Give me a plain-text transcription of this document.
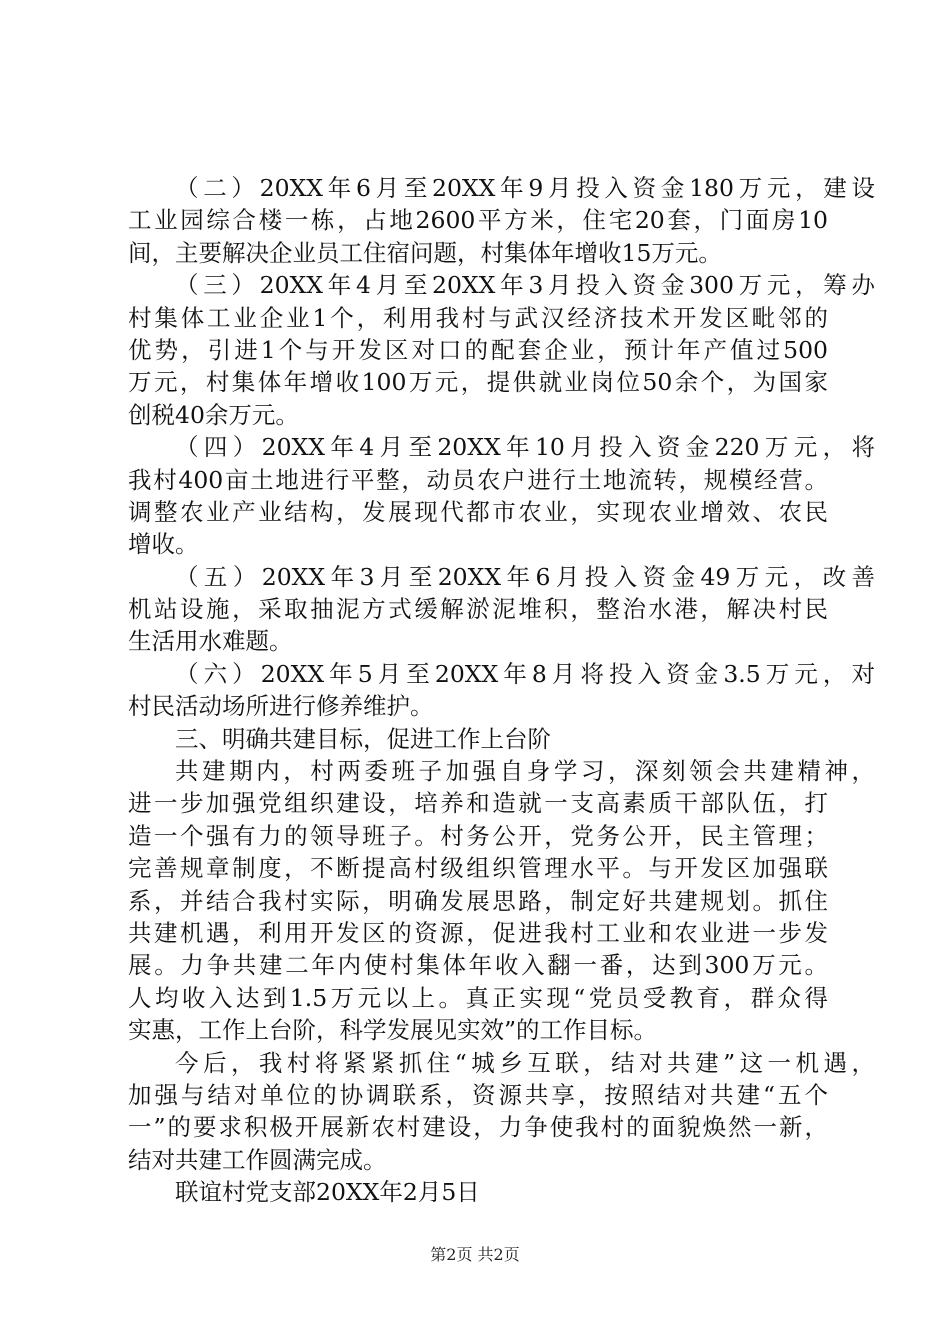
（二）20XX年6月至20XX年9月投入资金180万元，建设
工业园综合楼一栋，占地2600平方米，住宅20套，门面房10
间，主要解决企业员工住宿问题，村集体年增收15万元。
（三）20XX年4月至20XX年3月投入资金300万元，筹办
村集体工业企业1个，利用我村与武汉经济技术开发区毗邻的
优势，引进1个与开发区对口的配套企业，预计年产值过500
万元，村集体年增收100万元，提供就业岗位50余个，为国家
创税40余万元。
（四）20XX年4月至20XX年10月投入资金220万元，将
我村400亩土地进行平整，动员农户进行土地流转，规模经营。
调整农业产业结构，发展现代都市农业，实现农业增效、农民
增收。
（五）20XX年3月至20XX年6月投入资金49万元，改善
机站设施，采取抽泥方式缓解淤泥堆积，整治水港，解决村民
生活用水难题。
（六）20XX年5月至20XX年8月将投入资金3.5万元，对
村民活动场所进行修养维护。
三、明确共建目标，促进工作上台阶
共建期内，村两委班子加强自身学习，深刻领会共建精神，
进一步加强党组织建设，培养和造就一支高素质干部队伍，打
造一个强有力的领导班子。村务公开，党务公开，民主管理；
完善规章制度，不断提高村级组织管理水平。与开发区加强联
系，并结合我村实际，明确发展思路，制定好共建规划。抓住
共建机遇，利用开发区的资源，促进我村工业和农业进一步发
展。力争共建二年内使村集体年收入翻一番，达到300万元。
人均收入达到1.5万元以上。真正实现“党员受教育，群众得
实惠，工作上台阶，科学发展见实效”的工作目标。
今后，我村将紧紧抓住“城乡互联，结对共建”这一机遇，
加强与结对单位的协调联系，资源共享，按照结对共建“五个
一”的要求积极开展新农村建设，力争使我村的面貌焕然一新，
结对共建工作圆满完成。
联谊村党支部20XX年2月5日
第2页 共2页
